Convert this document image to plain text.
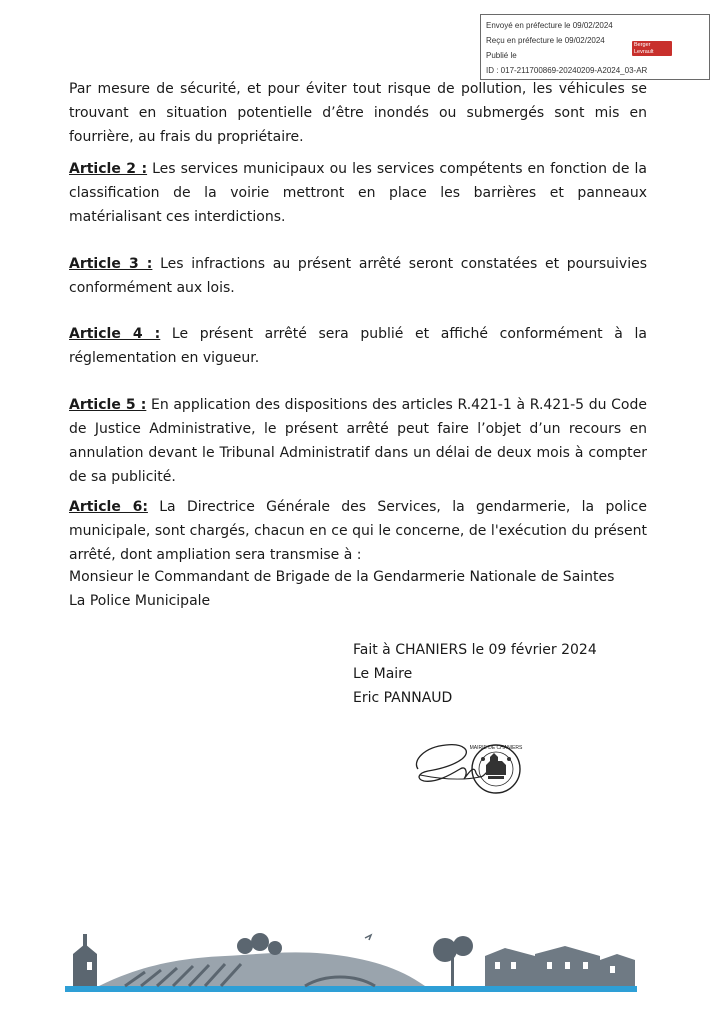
Envoyé en préfecture le 09/02/2024
Reçu en préfecture le 09/02/2024
Publié le
ID : 017-211700869-20240209-A2024_03-AR
Berger Levrault

Par mesure de sécurité, et pour éviter tout risque de pollution, les véhicules se trouvant en situation potentielle d’être inondés ou submergés sont mis en fourrière, au frais du propriétaire.

Article 2 : Les services municipaux ou les services compétents en fonction de la classification de la voirie mettront en place les barrières et panneaux matérialisant ces interdictions.

Article 3 : Les infractions au présent arrêté seront constatées et poursuivies conformément aux lois.

Article 4 : Le présent arrêté sera publié et affiché conformément à la réglementation en vigueur.

Article 5 : En application des dispositions des articles R.421-1 à R.421-5 du Code de Justice Administrative, le présent arrêté peut faire l’objet d’un recours en annulation devant le Tribunal Administratif dans un délai de deux mois à compter de sa publicité.

Article 6: La Directrice Générale des Services, la gendarmerie, la police municipale, sont chargés, chacun en ce qui le concerne, de l'exécution du présent arrêté, dont ampliation sera transmise à :

Monsieur le Commandant de Brigade de la Gendarmerie Nationale de Saintes
La Police Municipale
Fait à CHANIERS le 09 février 2024
Le Maire
Eric PANNAUD
MAIRIE DE CHANIERS
